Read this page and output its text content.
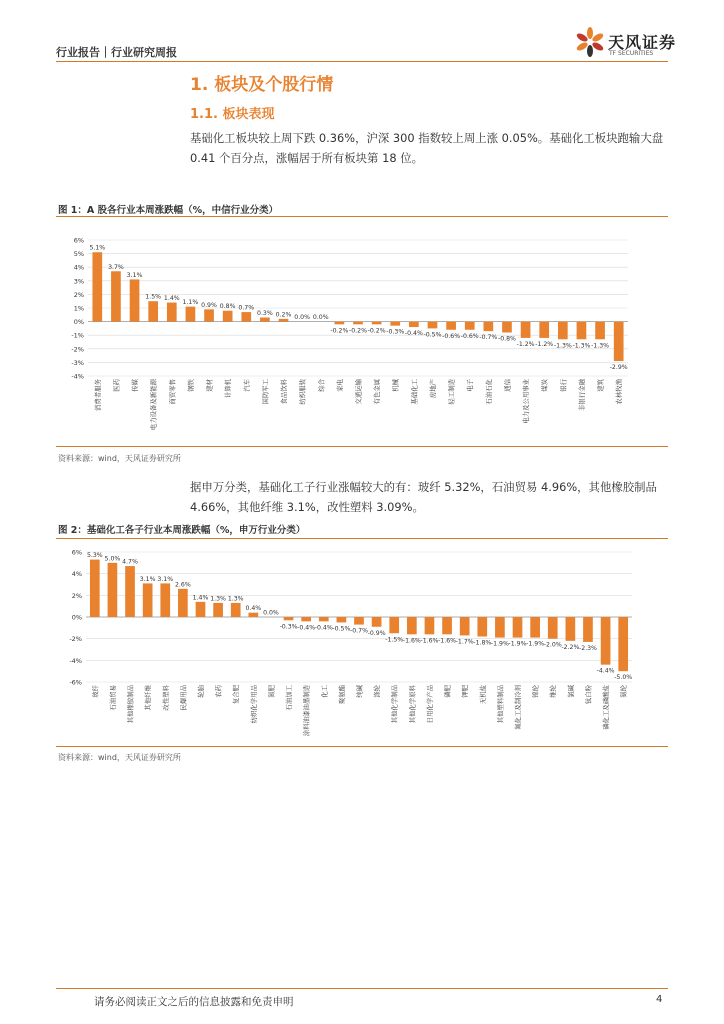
行业报告｜行业研究周报
天风证券
TF SECURITIES
1. 板块及个股行情
1.1. 板块表现
基础化工板块较上周下跌 0.36%，沪深 300 指数较上周上涨 0.05%。基础化工板块跑输大盘
0.41 个百分点，涨幅居于所有板块第 18 位。
图 1：A 股各行业本周涨跌幅（%，中信行业分类）
6%
5%
4%
3%
2%
1%
0%
-1%
-2%
-3%
-4%
5.1%
消费者服务
3.7%
医药
3.1%
传媒
1.5%
电力设备及新能源
1.4%
商贸零售
1.1%
钢铁
0.9%
建材
0.8%
计算机
0.7%
汽车
0.3%
国防军工
0.2%
食品饮料
0.0%
纺织服装
0.0%
综合
-0.2%
家电
-0.2%
交通运输
-0.2%
有色金属
-0.3%
机械
-0.4%
基础化工
-0.5%
房地产
-0.6%
轻工制造
-0.6%
电子
-0.7%
石油石化
-0.8%
通信
-1.2%
电力及公用事业
-1.2%
煤炭
-1.3%
银行
-1.3%
非银行金融
-1.3%
建筑
-2.9%
农林牧渔
资料来源：wind，天风证券研究所
据申万分类，基础化工子行业涨幅较大的有：玻纤 5.32%，石油贸易 4.96%，其他橡胶制品
4.66%，其他纤维 3.1%，改性塑料 3.09%。
图 2：基础化工各子行业本周涨跌幅（%，申万行业分类）
6%
4%
2%
0%
-2%
-4%
-6%
5.3%
玻纤
5.0%
石油贸易
4.7%
其他橡胶制品
3.1%
其他纤维
3.1%
改性塑料
2.6%
民爆用品
1.4%
轮胎
1.3%
农药
1.3%
复合肥
0.4%
纺织化学用品
0.0%
氮肥
-0.3%
石油加工
-0.4%
涂料油漆油墨制造
-0.4%
化工
-0.5%
聚氨酯
-0.7%
纯碱
-0.9%
涤纶
-1.5%
其他化学制品
-1.6%
其他化学原料
-1.6%
日用化学产品
-1.6%
磷肥
-1.7%
钾肥
-1.8%
无机盐
-1.9%
其他塑料制品
-1.9%
氟化工及制冷剂
-1.9%
锦纶
-2.0%
维纶
-2.2%
氯碱
-2.3%
钛白粉
-4.4%
磷化工及磷酸盐
-5.0%
氨纶
资料来源：wind，天风证券研究所
请务必阅读正文之后的信息披露和免责申明	4
